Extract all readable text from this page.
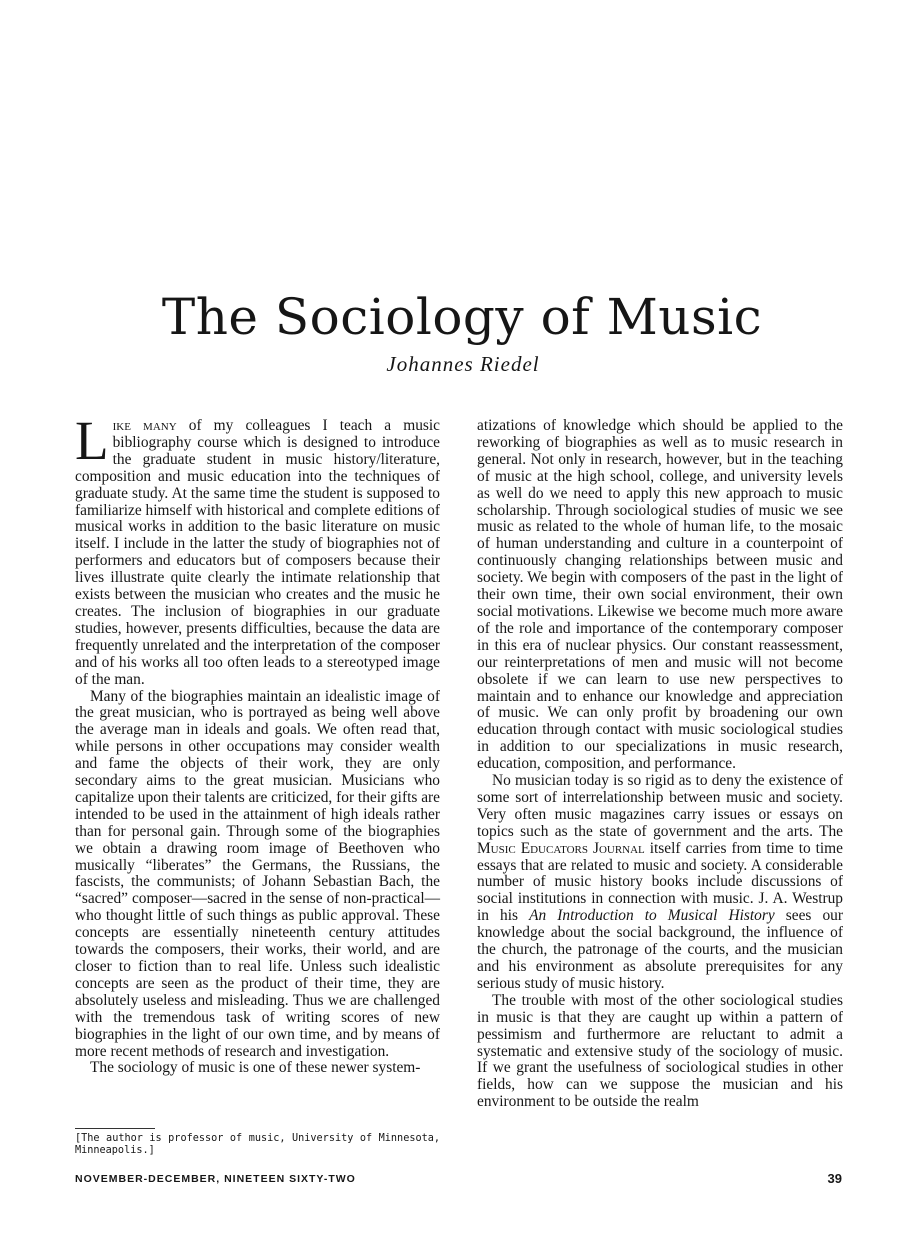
The Sociology of Music
Johannes Riedel

Like many of my colleagues I teach a music bibliography course which is designed to introduce the graduate student in music history/literature, composition and music education into the techniques of graduate study. At the same time the student is supposed to familiarize himself with historical and complete editions of musical works in addition to the basic literature on music itself. I include in the latter the study of biographies not of performers and educators but of composers because their lives illustrate quite clearly the intimate relationship that exists between the musician who creates and the music he creates. The inclusion of biographies in our graduate studies, however, presents difficulties, because the data are frequently unrelated and the interpretation of the composer and of his works all too often leads to a stereotyped image of the man.

Many of the biographies maintain an idealistic image of the great musician, who is portrayed as being well above the average man in ideals and goals. We often read that, while persons in other occupations may consider wealth and fame the objects of their work, they are only secondary aims to the great musician. Musicians who capitalize upon their talents are criticized, for their gifts are intended to be used in the attainment of high ideals rather than for personal gain. Through some of the biographies we obtain a drawing room image of Beethoven who musically “liberates” the Germans, the Russians, the fascists, the communists; of Johann Sebastian Bach, the “sacred” composer—sacred in the sense of non-practical—who thought little of such things as public approval. These concepts are essentially nineteenth century attitudes towards the composers, their works, their world, and are closer to fiction than to real life. Unless such idealistic concepts are seen as the product of their time, they are absolutely useless and misleading. Thus we are challenged with the tremendous task of writing scores of new biographies in the light of our own time, and by means of more recent methods of research and investigation.

The sociology of music is one of these newer system-

[The author is professor of music, University of Minnesota, Minneapolis.]

atizations of knowledge which should be applied to the reworking of biographies as well as to music research in general. Not only in research, however, but in the teaching of music at the high school, college, and university levels as well do we need to apply this new approach to music scholarship. Through sociological studies of music we see music as related to the whole of human life, to the mosaic of human understanding and culture in a counterpoint of continuously changing relationships between music and society. We begin with composers of the past in the light of their own time, their own social environment, their own social motivations. Likewise we become much more aware of the role and importance of the contemporary composer in this era of nuclear physics. Our constant reassessment, our reinterpretations of men and music will not become obsolete if we can learn to use new perspectives to maintain and to enhance our knowledge and appreciation of music. We can only profit by broadening our own education through contact with music sociological studies in addition to our specializations in music research, education, composition, and performance.

No musician today is so rigid as to deny the existence of some sort of interrelationship between music and society. Very often music magazines carry issues or essays on topics such as the state of government and the arts. The Music Educators Journal itself carries from time to time essays that are related to music and society. A considerable number of music history books include discussions of social institutions in connection with music. J. A. Westrup in his An Introduction to Musical History sees our knowledge about the social background, the influence of the church, the patronage of the courts, and the musician and his environment as absolute prerequisites for any serious study of music history.

The trouble with most of the other sociological studies in music is that they are caught up within a pattern of pessimism and furthermore are reluctant to admit a systematic and extensive study of the sociology of music. If we grant the usefulness of sociological studies in other fields, how can we suppose the musician and his environment to be outside the realm

NOVEMBER-DECEMBER, NINETEEN SIXTY-TWO	39
